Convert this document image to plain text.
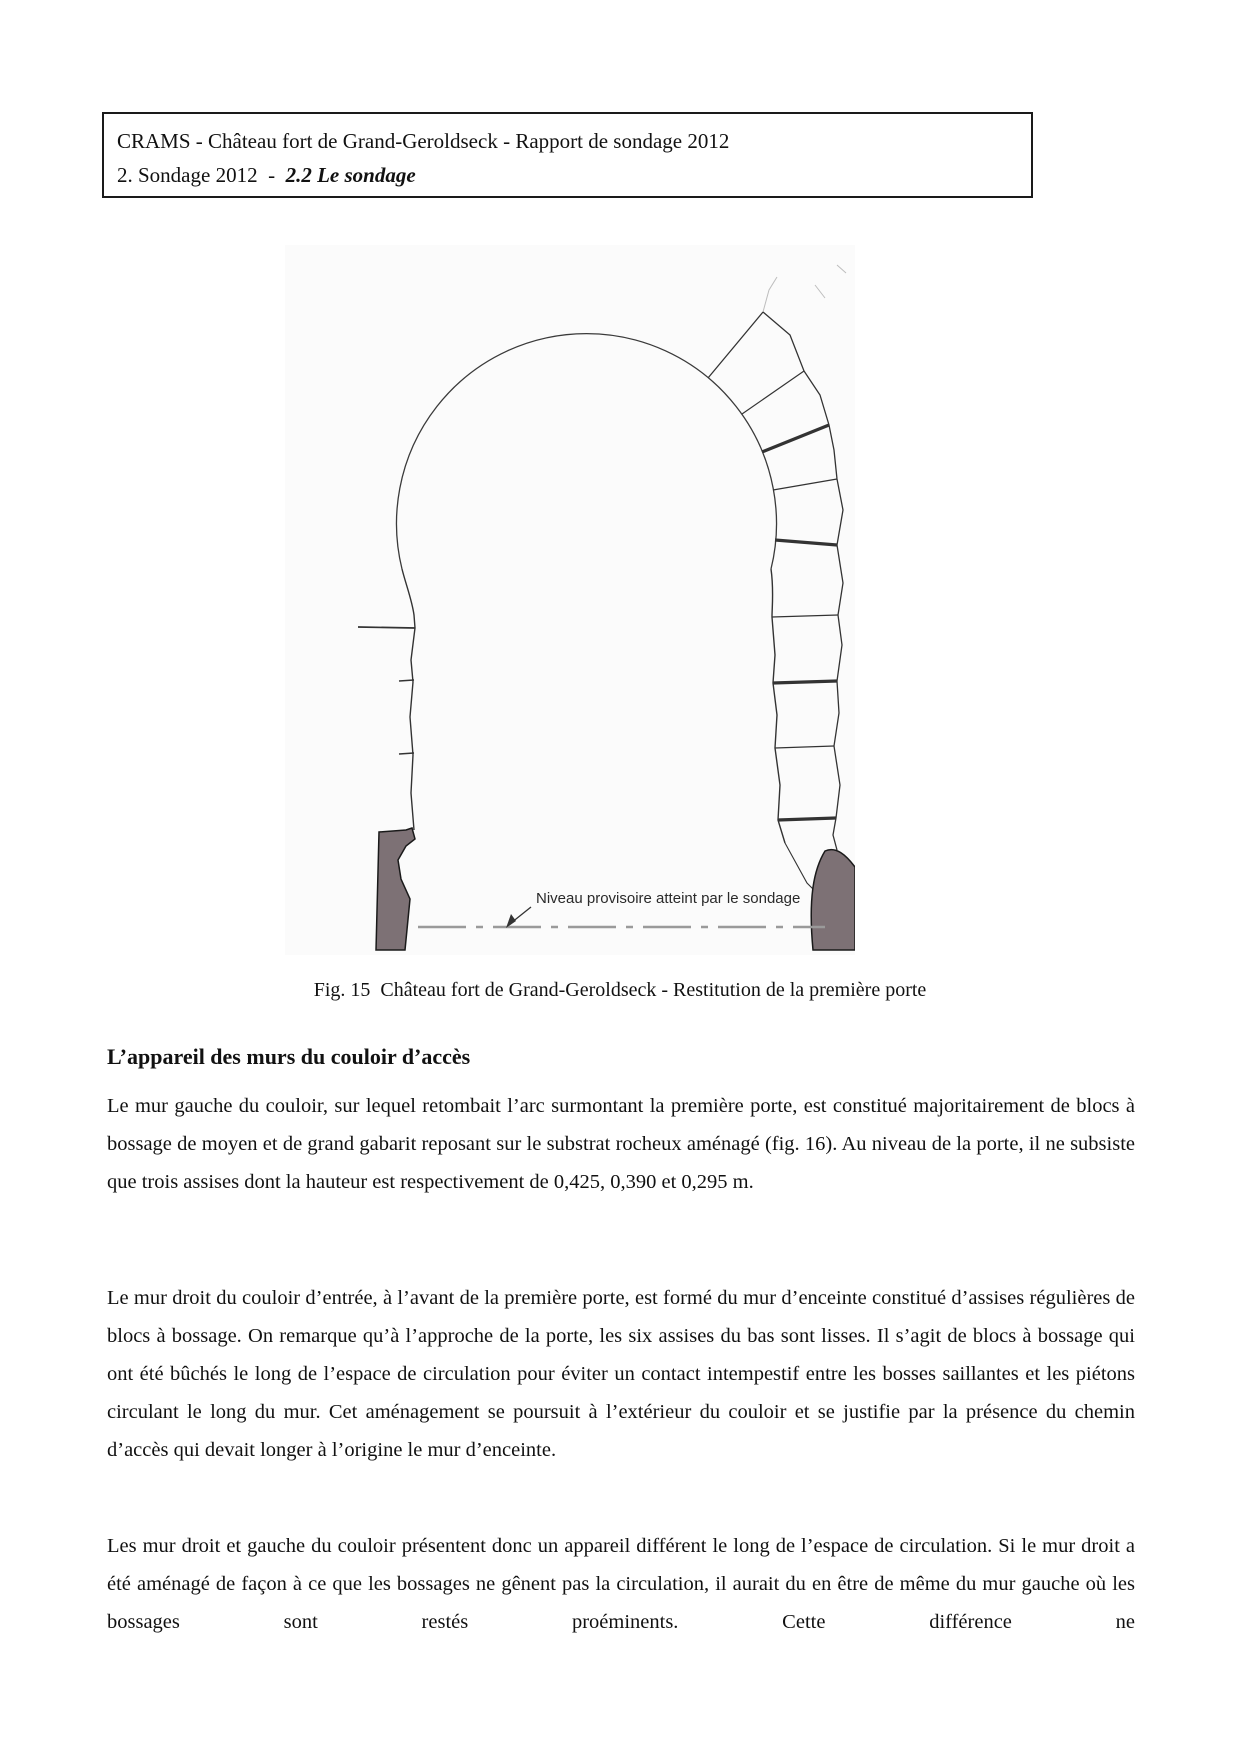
CRAMS - Château fort de Grand-Geroldseck - Rapport de sondage 2012
2. Sondage 2012  -  2.2 Le sondage
Niveau provisoire atteint par le sondage
Fig. 15  Château fort de Grand-Geroldseck - Restitution de la première porte
L’appareil des murs du couloir d’accès

Le mur gauche du couloir, sur lequel retombait l’arc surmontant la première porte, est constitué majoritairement de blocs à bossage de moyen et de grand gabarit reposant sur le substrat rocheux aménagé (fig. 16). Au niveau de la porte, il ne subsiste que trois assises dont la hauteur est respectivement de 0,425, 0,390 et 0,295 m.

Le mur droit du couloir d’entrée, à l’avant de la première porte, est formé du mur d’enceinte constitué d’assises régulières de blocs à bossage. On remarque qu’à l’approche de la porte, les six assises du bas sont lisses. Il s’agit de blocs à bossage qui ont été bûchés le long de l’espace de circulation pour éviter un contact intempestif entre les bosses saillantes et les piétons circulant le long du mur. Cet aménagement se poursuit à l’extérieur du couloir et se justifie par la présence du chemin d’accès qui devait longer à l’origine le mur d’enceinte.

Les mur droit et gauche du couloir présentent donc un appareil différent le long de l’espace de circulation. Si le mur droit a été aménagé de façon à ce que les bossages ne gênent pas la circulation, il aurait du en être de même du mur gauche où les bossages sont restés proéminents. Cette différence ne
